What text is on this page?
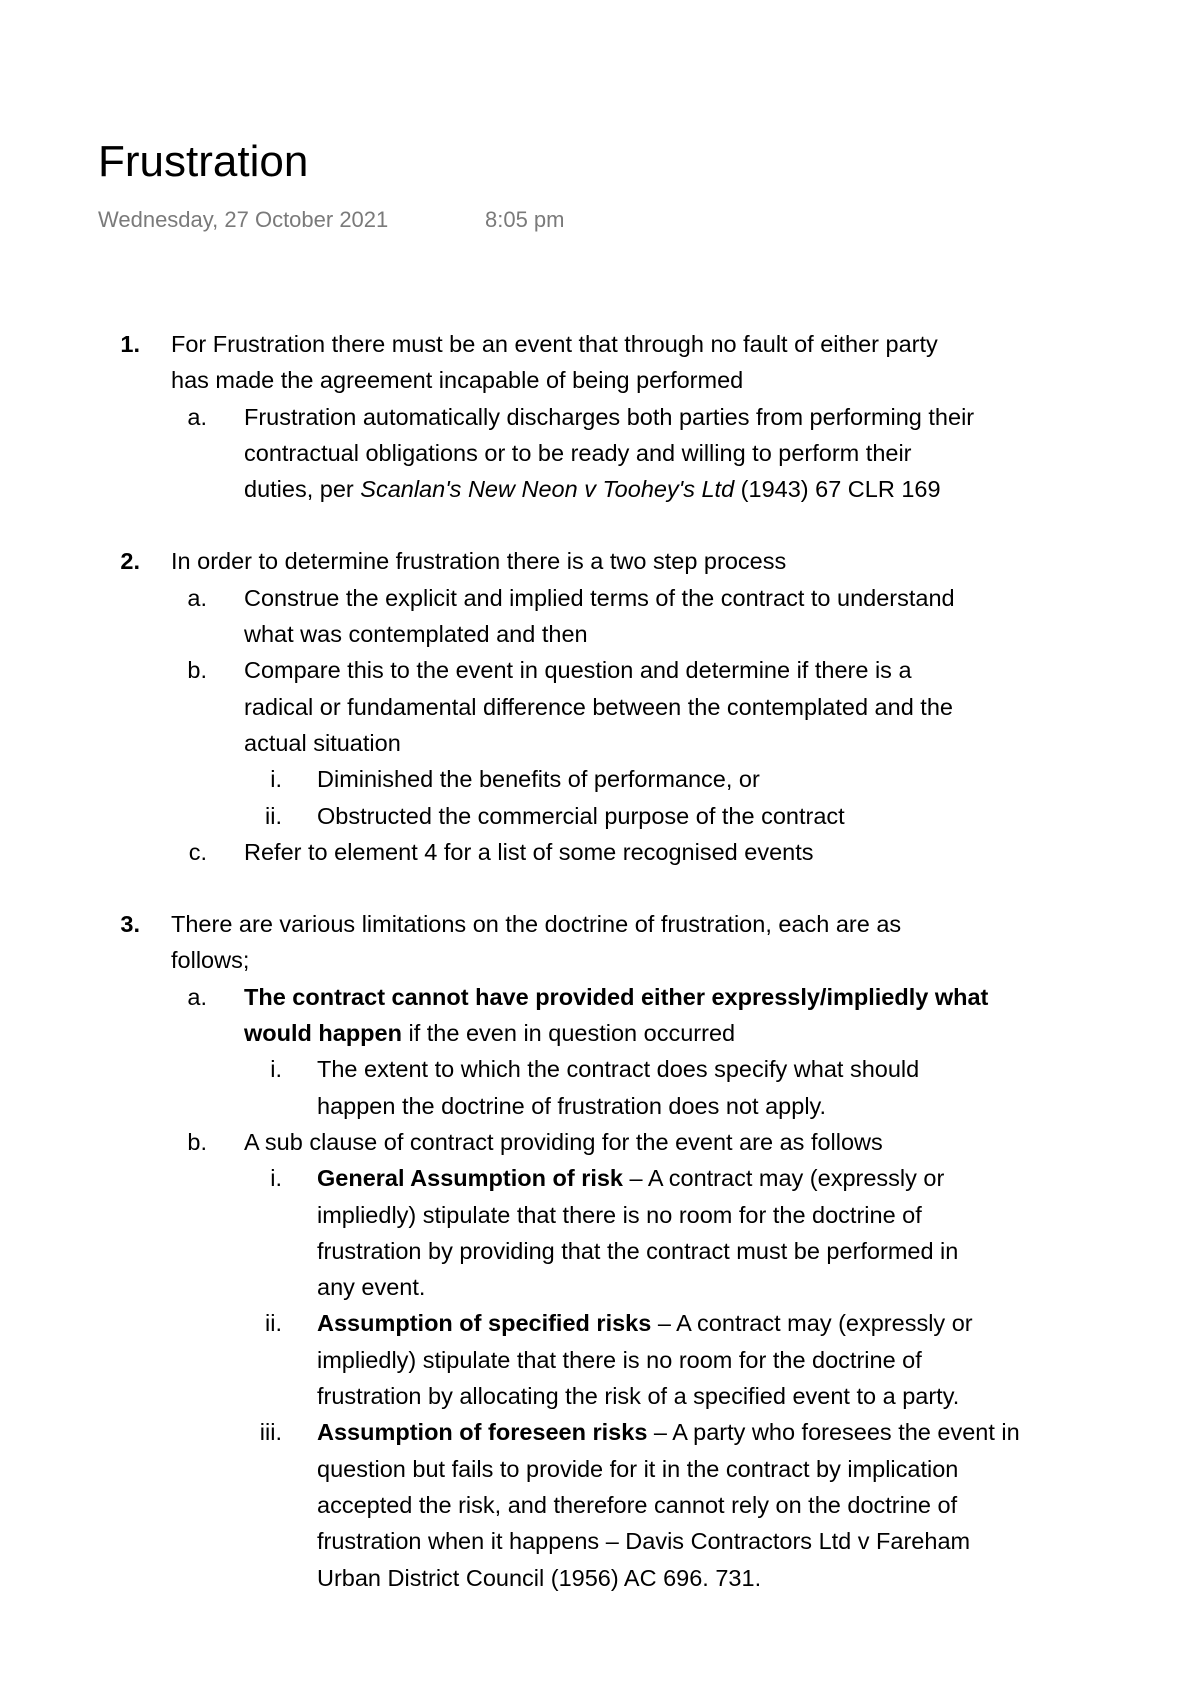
Frustration
Wednesday, 27 October 2021	8:05 pm
1. For Frustration there must be an event that through no fault of either party
has made the agreement incapable of being performed
a. Frustration automatically discharges both parties from performing their
contractual obligations or to be ready and willing to perform their
duties, per Scanlan's New Neon v Toohey's Ltd (1943) 67 CLR 169
2. In order to determine frustration there is a two step process
a. Construe the explicit and implied terms of the contract to understand
what was contemplated and then
b. Compare this to the event in question and determine if there is a
radical or fundamental difference between the contemplated and the
actual situation
i. Diminished the benefits of performance, or
ii. Obstructed the commercial purpose of the contract
c. Refer to element 4 for a list of some recognised events
3. There are various limitations on the doctrine of frustration, each are as
follows;
a. The contract cannot have provided either expressly/impliedly what
would happen if the even in question occurred
i. The extent to which the contract does specify what should
happen the doctrine of frustration does not apply.
b. A sub clause of contract providing for the event are as follows
i. General Assumption of risk – A contract may (expressly or
impliedly) stipulate that there is no room for the doctrine of
frustration by providing that the contract must be performed in
any event.
ii. Assumption of specified risks – A contract may (expressly or
impliedly) stipulate that there is no room for the doctrine of
frustration by allocating the risk of a specified event to a party.
iii. Assumption of foreseen risks – A party who foresees the event in
question but fails to provide for it in the contract by implication
accepted the risk, and therefore cannot rely on the doctrine of
frustration when it happens – Davis Contractors Ltd v Fareham
Urban District Council (1956) AC 696. 731.
